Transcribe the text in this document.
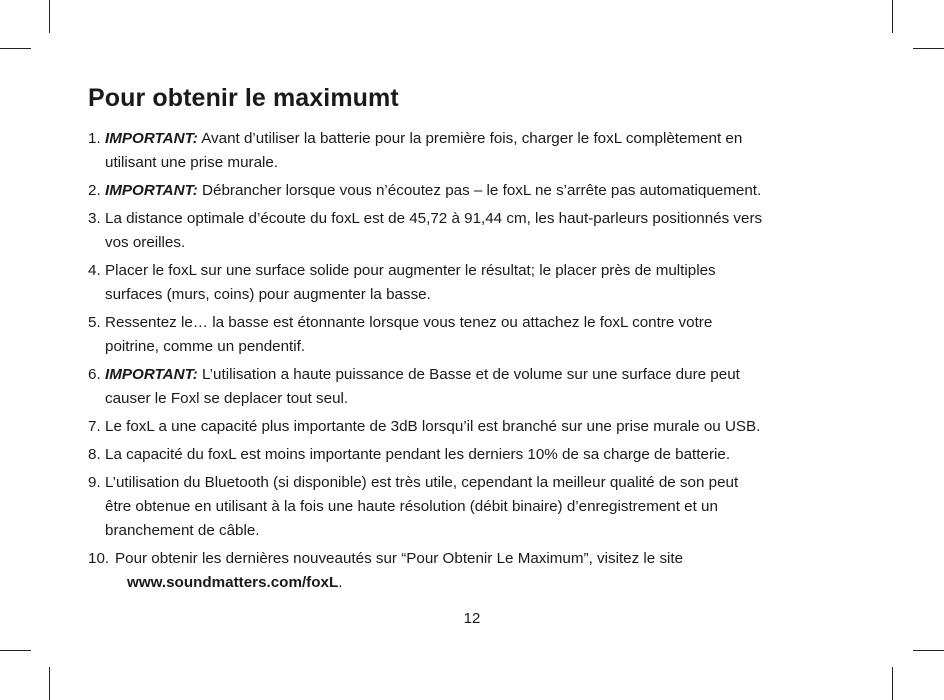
Pour obtenir le maximumt
1. IMPORTANT: Avant d’utiliser la batterie pour la première fois, charger le foxL complètement en
utilisant une prise murale.
2. IMPORTANT: Débrancher lorsque vous n’écoutez pas – le foxL ne s’arrête pas automatiquement.
3. La distance optimale d’écoute du foxL est de 45,72 à 91,44 cm, les haut-parleurs positionnés vers
vos oreilles.
4. Placer le foxL sur une surface solide pour augmenter le résultat; le placer près de multiples
surfaces (murs, coins) pour augmenter la basse.
5. Ressentez le… la basse est étonnante lorsque vous tenez ou attachez le foxL contre votre
poitrine, comme un pendentif.
6. IMPORTANT: L’utilisation a haute puissance de Basse et de volume sur une surface dure peut
causer le Foxl se deplacer tout seul.
7. Le foxL a une capacité plus importante de 3dB lorsqu’il est branché sur une prise murale ou USB.
8. La capacité du foxL est moins importante pendant les derniers 10% de sa charge de batterie.
9. L’utilisation du Bluetooth (si disponible) est très utile, cependant la meilleur qualité de son peut
être obtenue en utilisant à la fois une haute résolution (débit binaire) d’enregistrement et un
branchement de câble.
10. Pour obtenir les dernières nouveautés sur “Pour Obtenir Le Maximum”, visitez le site
www.soundmatters.com/foxL.
12
